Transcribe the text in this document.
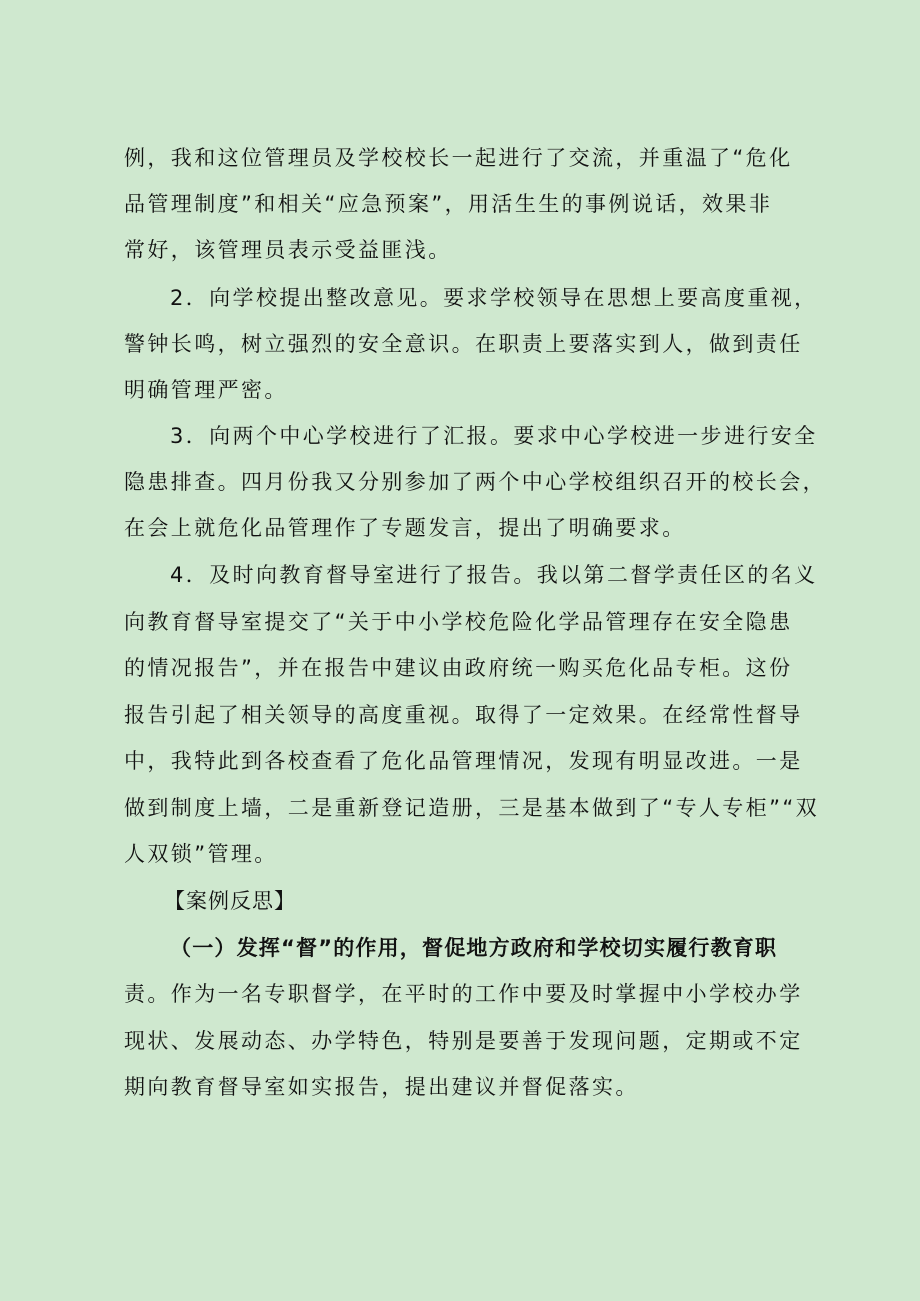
例，我和这位管理员及学校校长一起进行了交流，并重温了“危化
品管理制度”和相关“应急预案”，用活生生的事例说话，效果非
常好，该管理员表示受益匪浅。
2．向学校提出整改意见。要求学校领导在思想上要高度重视，
警钟长鸣，树立强烈的安全意识。在职责上要落实到人，做到责任
明确管理严密。
3．向两个中心学校进行了汇报。要求中心学校进一步进行安全
隐患排查。四月份我又分别参加了两个中心学校组织召开的校长会，
在会上就危化品管理作了专题发言，提出了明确要求。
4．及时向教育督导室进行了报告。我以第二督学责任区的名义
向教育督导室提交了“关于中小学校危险化学品管理存在安全隐患
的情况报告”，并在报告中建议由政府统一购买危化品专柜。这份
报告引起了相关领导的高度重视。取得了一定效果。在经常性督导
中，我特此到各校查看了危化品管理情况，发现有明显改进。一是
做到制度上墙，二是重新登记造册，三是基本做到了“专人专柜”“双
人双锁”管理。
【案例反思】
（一）发挥“督”的作用，督促地方政府和学校切实履行教育职
责。作为一名专职督学，在平时的工作中要及时掌握中小学校办学
现状、发展动态、办学特色，特别是要善于发现问题，定期或不定
期向教育督导室如实报告，提出建议并督促落实。
